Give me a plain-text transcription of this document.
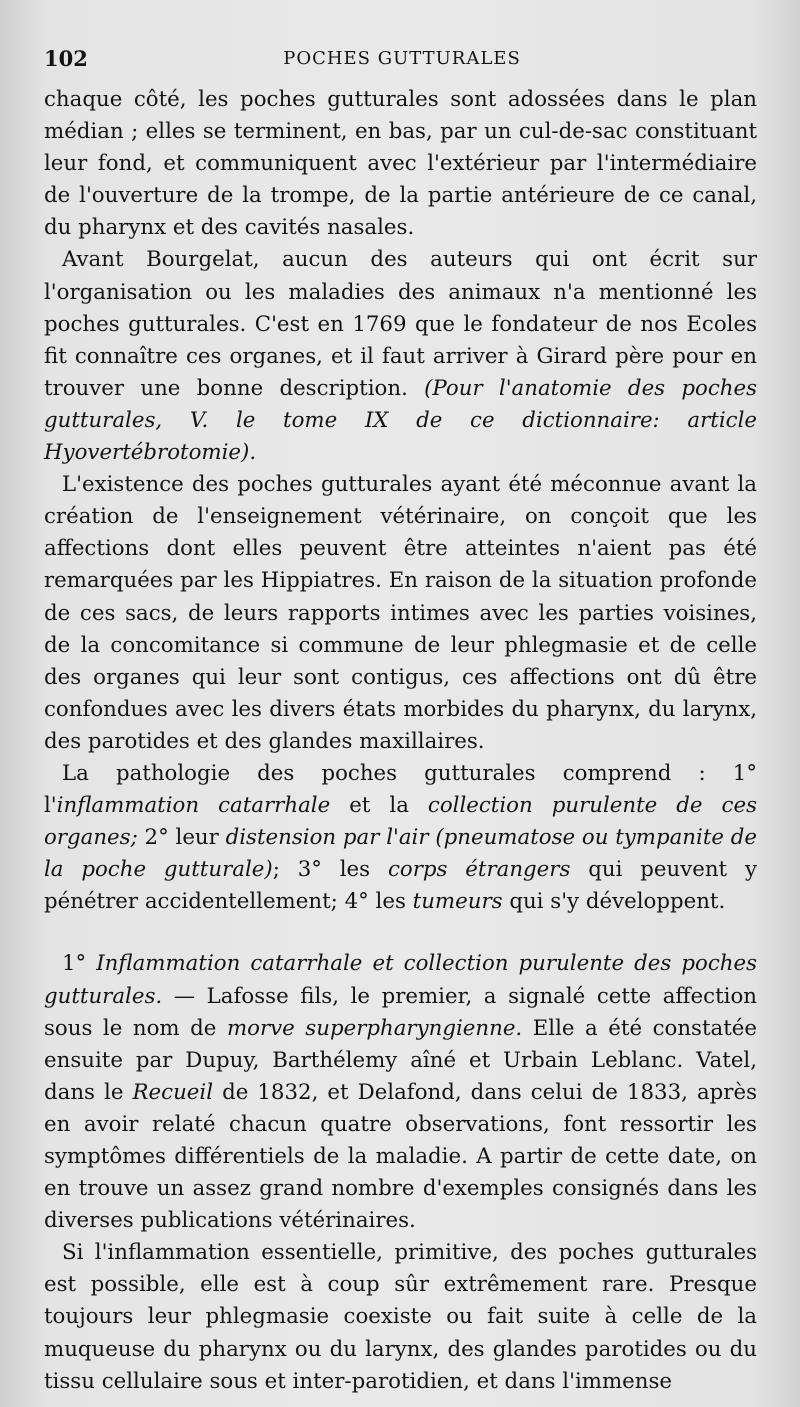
102	POCHES GUTTURALES

chaque côté, les poches gutturales sont adossées dans le plan médian ; elles se terminent, en bas, par un cul-de-sac constituant leur fond, et communiquent avec l'extérieur par l'intermédiaire de l'ouverture de la trompe, de la partie antérieure de ce canal, du pharynx et des cavités nasales.

Avant Bourgelat, aucun des auteurs qui ont écrit sur l'organisation ou les maladies des animaux n'a mentionné les poches gutturales. C'est en 1769 que le fondateur de nos Ecoles fit connaître ces organes, et il faut arriver à Girard père pour en trouver une bonne description. (Pour l'anatomie des poches gutturales, V. le tome IX de ce dictionnaire: article Hyovertébrotomie).

L'existence des poches gutturales ayant été méconnue avant la création de l'enseignement vétérinaire, on conçoit que les affections dont elles peuvent être atteintes n'aient pas été remarquées par les Hippiatres. En raison de la situation profonde de ces sacs, de leurs rapports intimes avec les parties voisines, de la concomitance si commune de leur phlegmasie et de celle des organes qui leur sont contigus, ces affections ont dû être confondues avec les divers états morbides du pharynx, du larynx, des parotides et des glandes maxillaires.

La pathologie des poches gutturales comprend : 1° l'inflammation catarrhale et la collection purulente de ces organes; 2° leur distension par l'air (pneumatose ou tympanite de la poche gutturale); 3° les corps étrangers qui peuvent y pénétrer accidentellement; 4° les tumeurs qui s'y développent.

1° Inflammation catarrhale et collection purulente des poches gutturales. — Lafosse fils, le premier, a signalé cette affection sous le nom de morve superpharyngienne. Elle a été constatée ensuite par Dupuy, Barthélemy aîné et Urbain Leblanc. Vatel, dans le Recueil de 1832, et Delafond, dans celui de 1833, après en avoir relaté chacun quatre observations, font ressortir les symptômes différentiels de la maladie. A partir de cette date, on en trouve un assez grand nombre d'exemples consignés dans les diverses publications vétérinaires.

Si l'inflammation essentielle, primitive, des poches gutturales est possible, elle est à coup sûr extrêmement rare. Presque toujours leur phlegmasie coexiste ou fait suite à celle de la muqueuse du pharynx ou du larynx, des glandes parotides ou du tissu cellulaire sous et inter-parotidien, et dans l'immense
